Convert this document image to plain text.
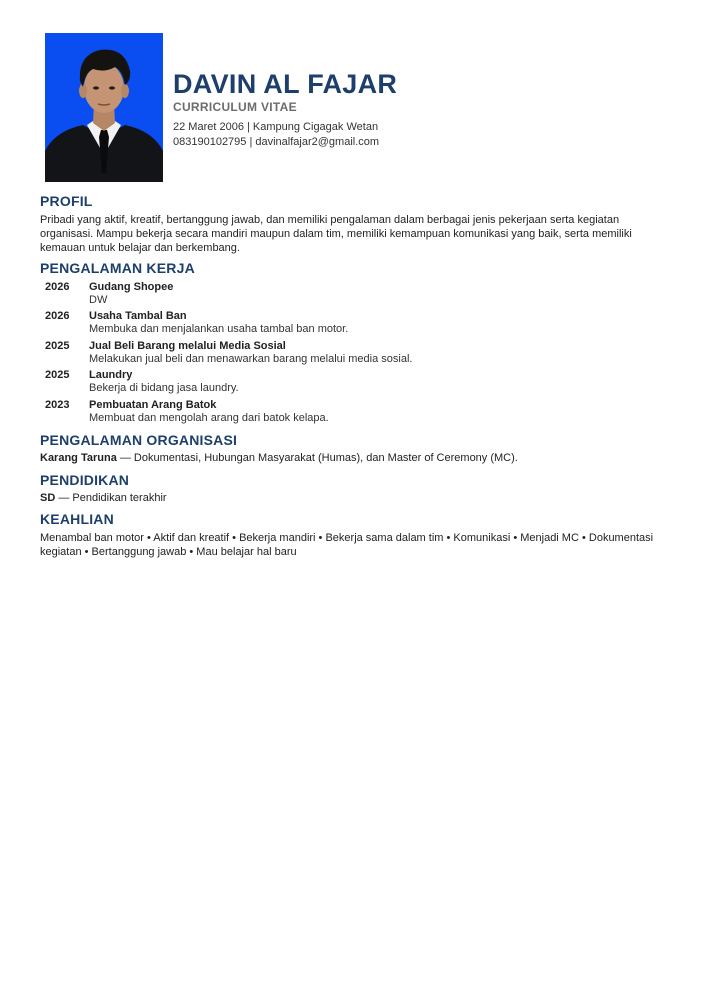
DAVIN AL FAJAR
CURRICULUM VITAE
22 Maret 2006 | Kampung Cigagak Wetan
083190102795 | davinalfajar2@gmail.com
PROFIL
Pribadi yang aktif, kreatif, bertanggung jawab, dan memiliki pengalaman dalam berbagai jenis pekerjaan serta kegiatan organisasi. Mampu bekerja secara mandiri maupun dalam tim, memiliki kemampuan komunikasi yang baik, serta memiliki kemauan untuk belajar dan berkembang.
PENGALAMAN KERJA
2026 Gudang Shopee
DW
2026 Usaha Tambal Ban
Membuka dan menjalankan usaha tambal ban motor.
2025 Jual Beli Barang melalui Media Sosial
Melakukan jual beli dan menawarkan barang melalui media sosial.
2025 Laundry
Bekerja di bidang jasa laundry.
2023 Pembuatan Arang Batok
Membuat dan mengolah arang dari batok kelapa.
PENGALAMAN ORGANISASI
Karang Taruna — Dokumentasi, Hubungan Masyarakat (Humas), dan Master of Ceremony (MC).
PENDIDIKAN
SD — Pendidikan terakhir
KEAHLIAN
Menambal ban motor • Aktif dan kreatif • Bekerja mandiri • Bekerja sama dalam tim • Komunikasi • Menjadi MC • Dokumentasi kegiatan • Bertanggung jawab • Mau belajar hal baru
